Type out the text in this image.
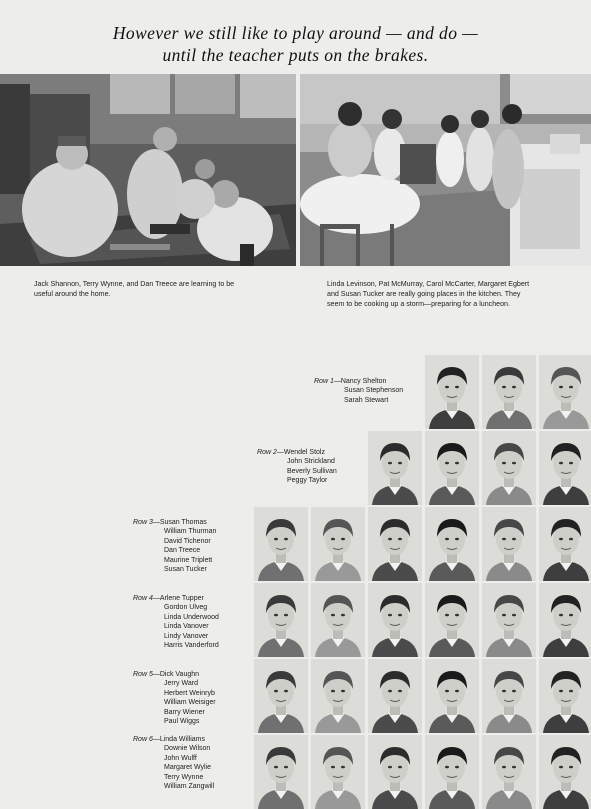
However we still like to play around — and do —
until the teacher puts on the brakes.
Jack Shannon, Terry Wynne, and Dan Treece are learning to be
useful around the home.
Linda Levinson, Pat McMurray, Carol McCarter, Margaret Egbert
and Susan Tucker are really going places in the kitchen. They
seem to be cooking up a storm—preparing for a luncheon.
Row 1—Nancy Shelton
Susan Stephenson
Sarah Stewart
Row 2—Wendel Stolz
John Strickland
Beverly Sullivan
Peggy Taylor
Row 3—Susan Thomas
William Thurman
David Tichenor
Dan Treece
Maurine Triplett
Susan Tucker
Row 4—Arlene Tupper
Gordon Ulveg
Linda Underwood
Linda Vanover
Lindy Vanover
Harris Vanderford
Row 5—Dick Vaughn
Jerry Ward
Herbert Weinryb
William Weisiger
Barry Wiener
Paul Wiggs
Row 6—Linda Williams
Downie Wilson
John Wulff
Margaret Wylie
Terry Wynne
William Zangwill
